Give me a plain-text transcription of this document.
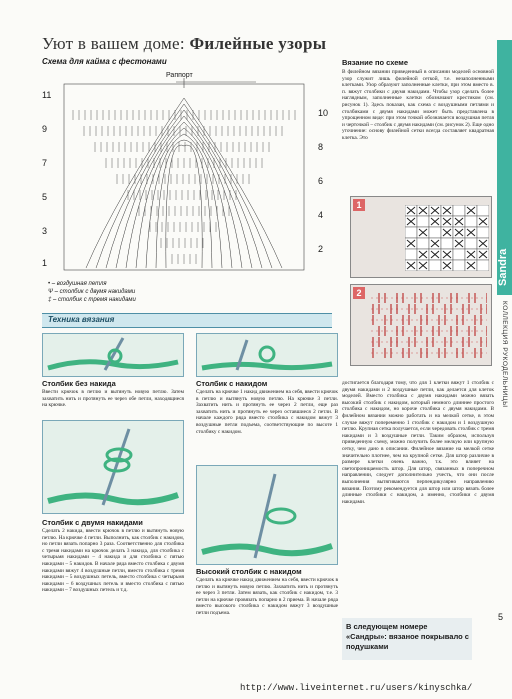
Уют в вашем доме: Филейные узоры
Схема для кайма с фестонами
Раппорт
11
9
7
5
3
1
10
8
6
4
2
• – воздушная петля
Ψ – столбик с двумя накидами
‡ – столбик с тремя накидами
Техника вязания
Столбик без накида
Ввести крючок в петлю и вытянуть новую петлю. Затем захватить нить и протянуть ее через обе петли, находящиеся на крючке.
Столбик с накидом
Сделать на крючке 1 накид движением на себя, ввести крючок в петлю и вытянуть новую петлю. На крючке 3 петли. Захватить нить и протянуть ее через 2 петли, еще раз захватить нить и протянуть ее через оставшиеся 2 петли. В начале каждого ряда вместо столбика с накидом вяжут 3 воздушные петли подъема, соответствующие по высоте 1 столбику с накидом.
Столбик с двумя накидами
Сделать 2 накида, ввести крючок в петлю и вытянуть новую петлю. На крючке 4 петли. Выполнить, как столбик с накидом, но петли вязать попарно 3 раза. Соответственно для столбика с тремя накидами на крючок делать 3 накида, для столбика с четырьмя накидами – 4 накида и для столбика с пятью накидами – 5 накидов. В начале ряда вместо столбика с двумя накидами вяжут 4 воздушные петли, вместо столбика с тремя накидами – 5 воздушных петель, вместо столбика с четырьмя накидами – 6 воздушных петель и вместо столбика с пятью накидами – 7 воздушных петель и т.д.
Высокий столбик с накидом
Сделать на крючке накид движением на себя, ввести крючок в петлю и вытянуть новую петлю. Захватить нить и протянуть ее через 3 петли. Затем вязать, как столбик с накидом, т.е. 3 петли на крючке провязать попарно в 2 приема. В начале ряда вместо высокого столбика с накидом вяжут 3 воздушные петли подъема.
Вязание по схеме
В филейном вязании приведенный в описании моделей основной узор служит лишь филейной сеткой, т.е. незаполненными клетками. Узор образуют заполненные клетки, при этом вместо в. п. вяжут столбики с двумя накидами. Чтобы узор сделать более наглядным, заполненные клетки обозначают крестиком (см. рисунок 1). Здесь показан, как схема с воздушными петлями и столбиками с двумя накидами может быть представлена в упрощенном виде: при этом точкой обозначается воздушная петля и черточкой – столбик с двумя накидами (см. рисунок 2). Еще одно уточнение: основу филейной сетки всегда составляет квадратная клетка. Это
1
2
достигается благодаря тому, что для 1 клетки вяжут 1 столбик с двумя накидами и 2 воздушные петли, как делается для клеток моделей. Вместо столбика с двумя накидами можно вязать высокий столбик с накидом, который немного длиннее простого столбика с накидом, но короче столбика с двумя накидами. В филейном вязании можно работать и на мелкой сетке, в этом случае вяжут попеременно 1 столбик с накидом и 1 воздушную петлю. Крупная сетка получается, если чередовать столбик с тремя накидами и 3 воздушные петли. Таким образом, используя приведенную схему, можно получить более мелкую или крупную сетку, чем дано в описании. Филейное вязание на мелкой сетке значительно плотнее, чем на крупной сетке. Для штор различие в размере клетки очень важно, т.к. это влияет на светопроницаемость штор. Для штор, связанных в поперечном направлении, следует дополнительно учесть, что они после выполнения вытягиваются перпендикулярно направлению вязания. Поэтому рекомендуется для штор или штор вязать более длинные столбики с накидом, а именно, столбики с двумя накидами.
В следующем номере «Сандры»: вязаное покрывало с подушками
Sandra
КОЛЛЕКЦИЯ РУКОДЕЛЬНИЦЫ
5
http://www.liveinternet.ru/users/kinyschka/
